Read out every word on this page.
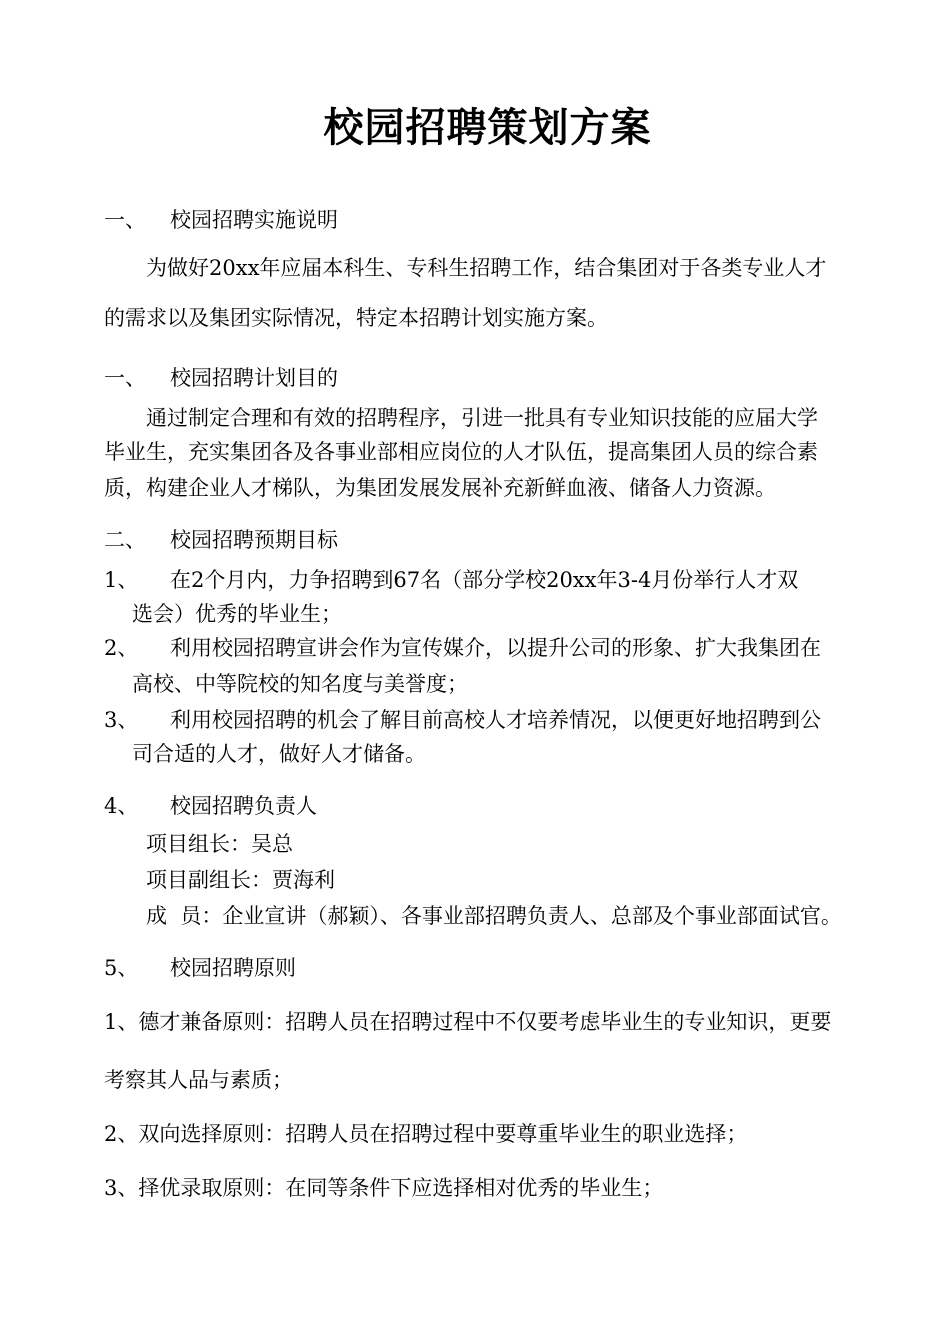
校园招聘策划方案
一、 校园招聘实施说明
为做好20xx年应届本科生、专科生招聘工作，结合集团对于各类专业人才
的需求以及集团实际情况，特定本招聘计划实施方案。
一、 校园招聘计划目的
通过制定合理和有效的招聘程序，引进一批具有专业知识技能的应届大学
毕业生，充实集团各及各事业部相应岗位的人才队伍，提高集团人员的综合素
质，构建企业人才梯队，为集团发展发展补充新鲜血液、储备人力资源。
二、 校园招聘预期目标
1、 在2个月内，力争招聘到67名（部分学校20xx年3-4月份举行人才双
选会）优秀的毕业生；
2、 利用校园招聘宣讲会作为宣传媒介，以提升公司的形象、扩大我集团在
高校、中等院校的知名度与美誉度；
3、 利用校园招聘的机会了解目前高校人才培养情况，以便更好地招聘到公
司合适的人才，做好人才储备。
4、 校园招聘负责人
项目组长：吴总
项目副组长：贾海利
成  员：企业宣讲（郝颖）、各事业部招聘负责人、总部及个事业部面试官。
5、 校园招聘原则
1、德才兼备原则：招聘人员在招聘过程中不仅要考虑毕业生的专业知识，更要
考察其人品与素质；
2、双向选择原则：招聘人员在招聘过程中要尊重毕业生的职业选择；
3、择优录取原则：在同等条件下应选择相对优秀的毕业生；
